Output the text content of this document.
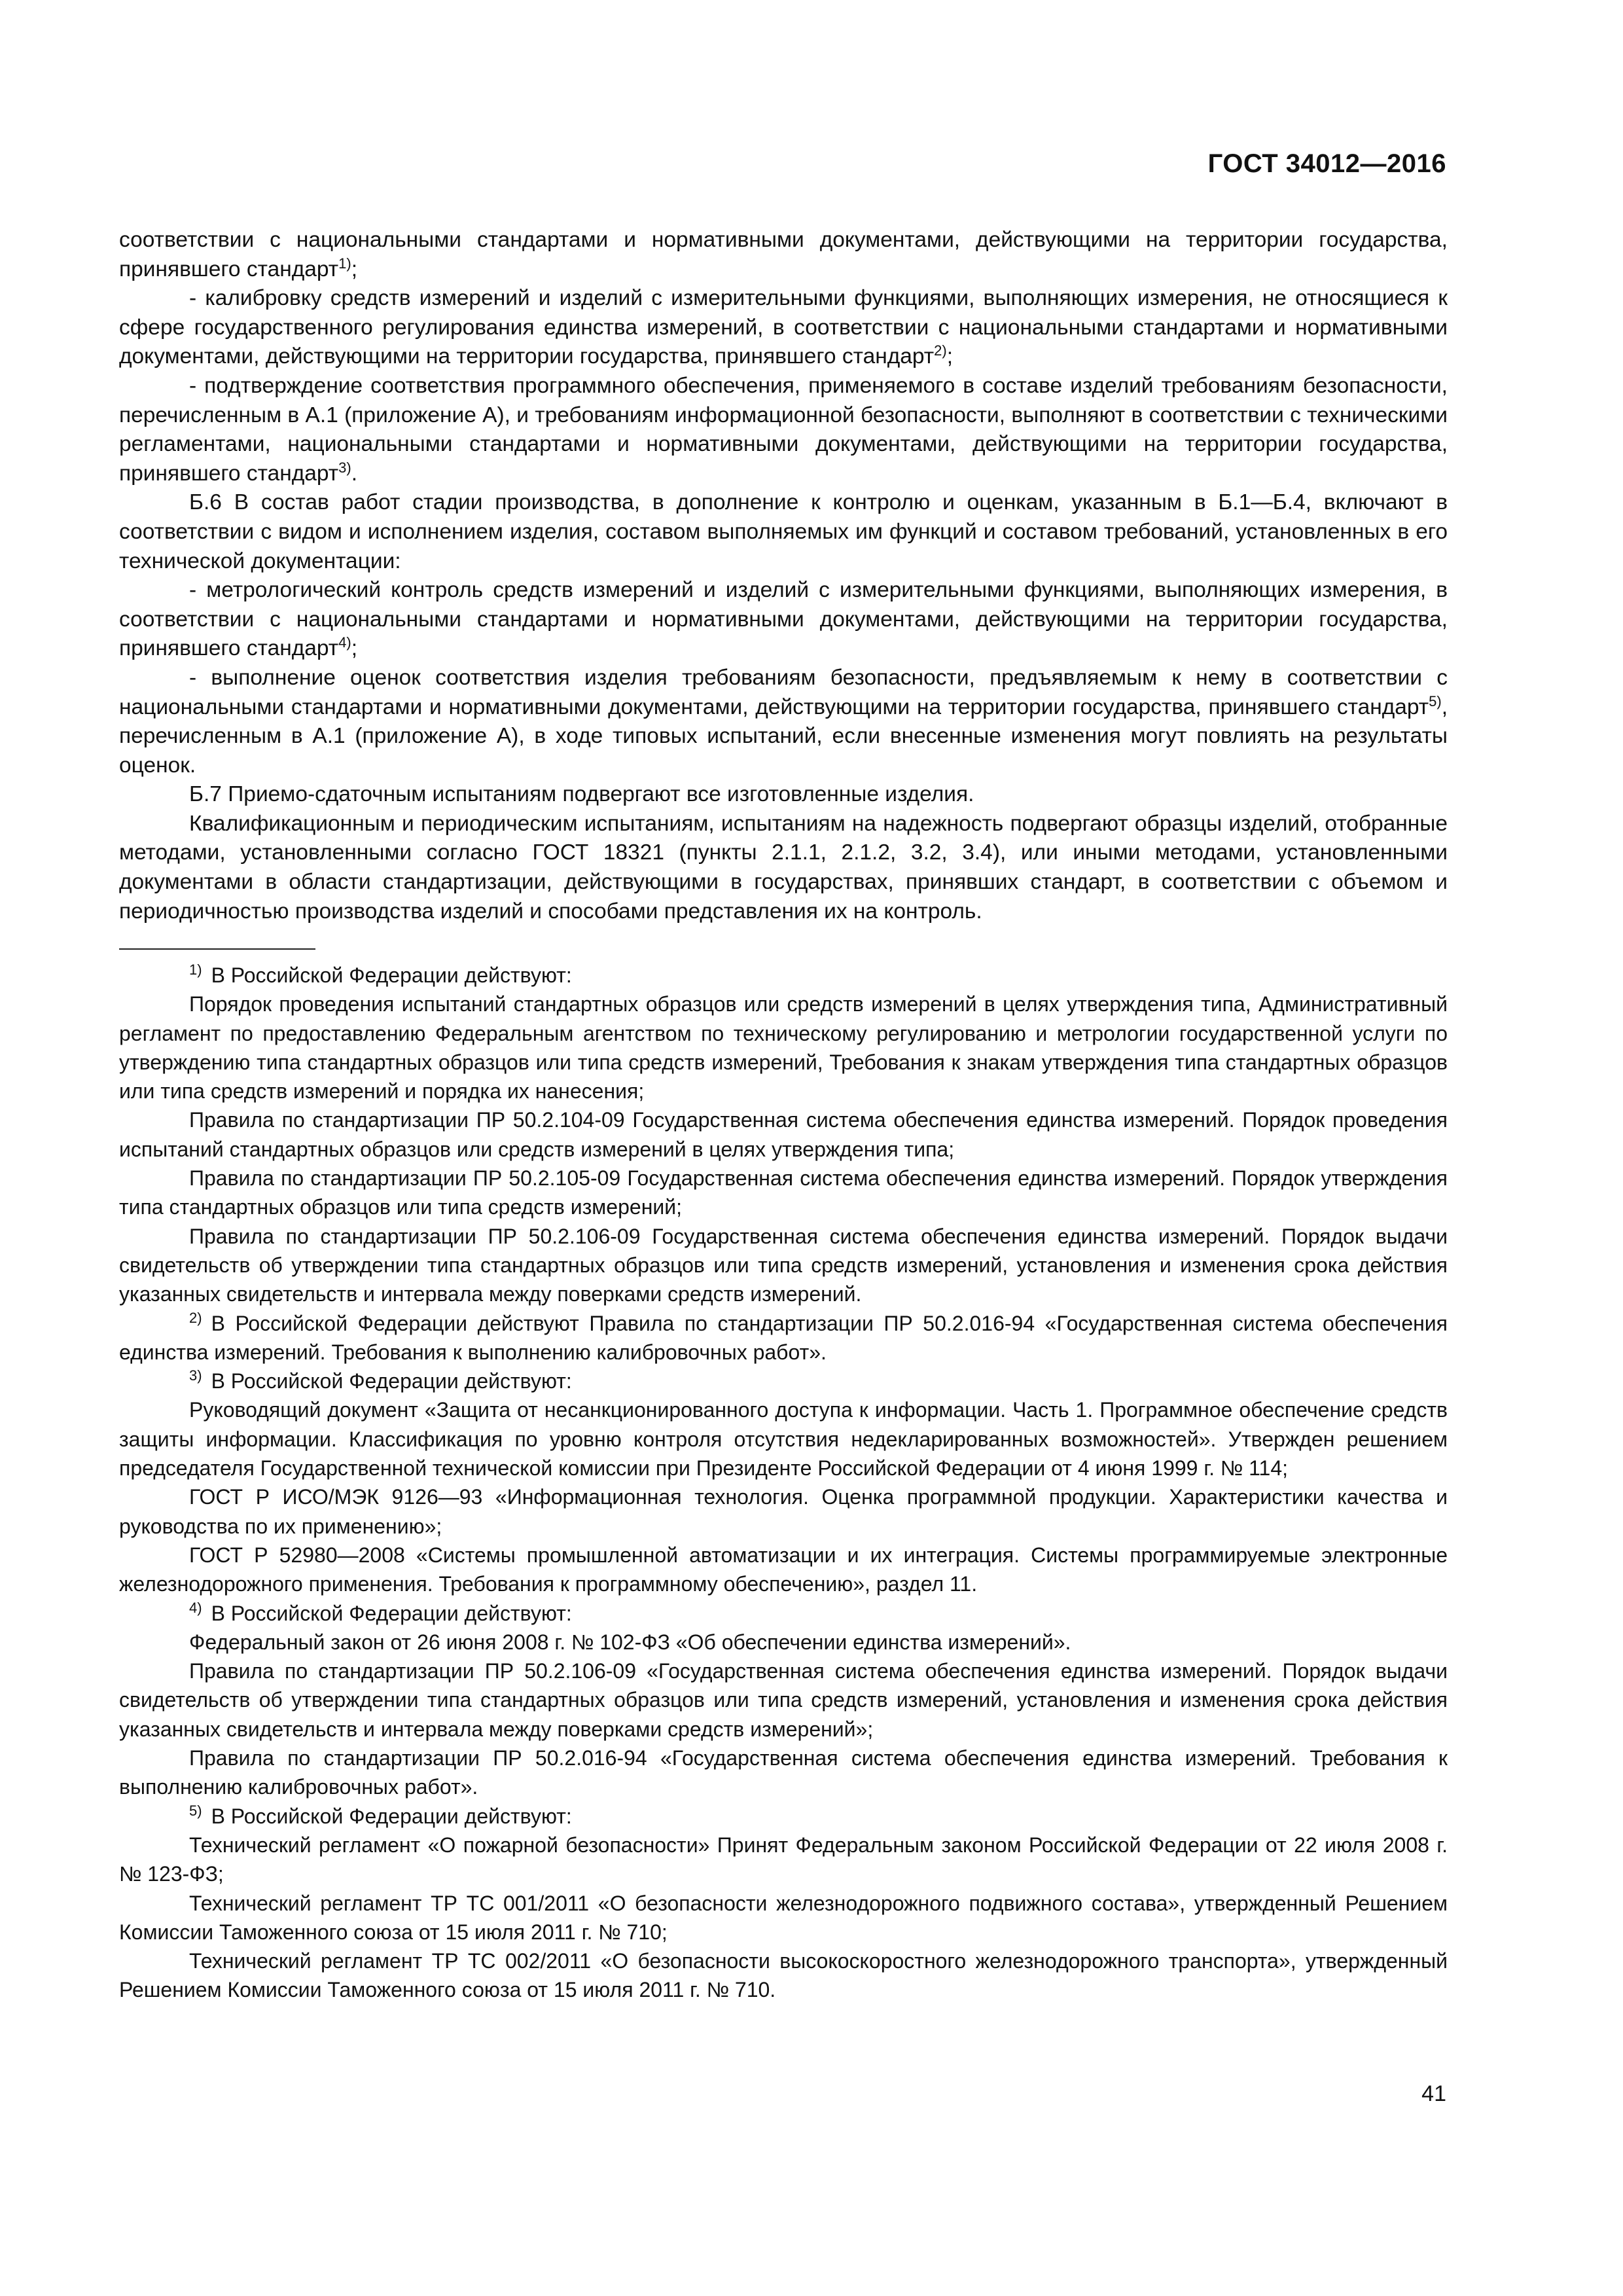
ГОСТ 34012—2016

соответствии с национальными стандартами и нормативными документами, действующими на территории государства, принявшего стандарт$^{1)}$;

- калибровку средств измерений и изделий с измерительными функциями, выполняющих измерения, не относящиеся к сфере государственного регулирования единства измерений, в соответствии с национальными стандартами и нормативными документами, действующими на территории государства, принявшего стандарт$^{2)}$;

- подтверждение соответствия программного обеспечения, применяемого в составе изделий требованиям безопасности, перечисленным в А.1 (приложение А), и требованиям информационной безопасности, выполняют в соответствии с техническими регламентами, национальными стандартами и нормативными документами, действующими на территории государства, принявшего стандарт$^{3)}$.

Б.6 В состав работ стадии производства, в дополнение к контролю и оценкам, указанным в Б.1—Б.4, включают в соответствии с видом и исполнением изделия, составом выполняемых им функций и составом требований, установленных в его технической документации:

- метрологический контроль средств измерений и изделий с измерительными функциями, выполняющих измерения, в соответствии с национальными стандартами и нормативными документами, действующими на территории государства, принявшего стандарт$^{4)}$;

- выполнение оценок соответствия изделия требованиям безопасности, предъявляемым к нему в соответствии с национальными стандартами и нормативными документами, действующими на территории государства, принявшего стандарт$^{5)}$, перечисленным в А.1 (приложение А), в ходе типовых испытаний, если внесенные изменения могут повлиять на результаты оценок.

Б.7 Приемо-сдаточным испытаниям подвергают все изготовленные изделия.

Квалификационным и периодическим испытаниям, испытаниям на надежность подвергают образцы изделий, отобранные методами, установленными согласно ГОСТ 18321 (пункты 2.1.1, 2.1.2, 3.2, 3.4), или иными методами, установленными документами в области стандартизации, действующими в государствах, принявших стандарт, в соответствии с объемом и периодичностью производства изделий и способами представления их на контроль.

$^{1)}$ В Российской Федерации действуют:

Порядок проведения испытаний стандартных образцов или средств измерений в целях утверждения типа, Административный регламент по предоставлению Федеральным агентством по техническому регулированию и метрологии государственной услуги по утверждению типа стандартных образцов или типа средств измерений, Требования к знакам утверждения типа стандартных образцов или типа средств измерений и порядка их нанесения;

Правила по стандартизации ПР 50.2.104-09 Государственная система обеспечения единства измерений. Порядок проведения испытаний стандартных образцов или средств измерений в целях утверждения типа;

Правила по стандартизации ПР 50.2.105-09 Государственная система обеспечения единства измерений. Порядок утверждения типа стандартных образцов или типа средств измерений;

Правила по стандартизации ПР 50.2.106-09 Государственная система обеспечения единства измерений. Порядок выдачи свидетельств об утверждении типа стандартных образцов или типа средств измерений, установления и изменения срока действия указанных свидетельств и интервала между поверками средств измерений.

$^{2)}$ В Российской Федерации действуют Правила по стандартизации ПР 50.2.016-94 «Государственная система обеспечения единства измерений. Требования к выполнению калибровочных работ».

$^{3)}$ В Российской Федерации действуют:

Руководящий документ «Защита от несанкционированного доступа к информации. Часть 1. Программное обеспечение средств защиты информации. Классификация по уровню контроля отсутствия недекларированных возможностей». Утвержден решением председателя Государственной технической комиссии при Президенте Российской Федерации от 4 июня 1999 г. № 114;

ГОСТ Р ИСО/МЭК 9126—93 «Информационная технология. Оценка программной продукции. Характеристики качества и руководства по их применению»;

ГОСТ Р 52980—2008 «Системы промышленной автоматизации и их интеграция. Системы программируемые электронные железнодорожного применения. Требования к программному обеспечению», раздел 11.

$^{4)}$ В Российской Федерации действуют:

Федеральный закон от 26 июня 2008 г. № 102-ФЗ «Об обеспечении единства измерений».

Правила по стандартизации ПР 50.2.106-09 «Государственная система обеспечения единства измерений. Порядок выдачи свидетельств об утверждении типа стандартных образцов или типа средств измерений, установления и изменения срока действия указанных свидетельств и интервала между поверками средств измерений»;

Правила по стандартизации ПР 50.2.016-94 «Государственная система обеспечения единства измерений. Требования к выполнению калибровочных работ».

$^{5)}$ В Российской Федерации действуют:

Технический регламент «О пожарной безопасности» Принят Федеральным законом Российской Федерации от 22 июля 2008 г. № 123-ФЗ;

Технический регламент ТР ТС 001/2011 «О безопасности железнодорожного подвижного состава», утвержденный Решением Комиссии Таможенного союза от 15 июля 2011 г. № 710;

Технический регламент ТР ТС 002/2011 «О безопасности высокоскоростного железнодорожного транспорта», утвержденный Решением Комиссии Таможенного союза от 15 июля 2011 г. № 710.

41
